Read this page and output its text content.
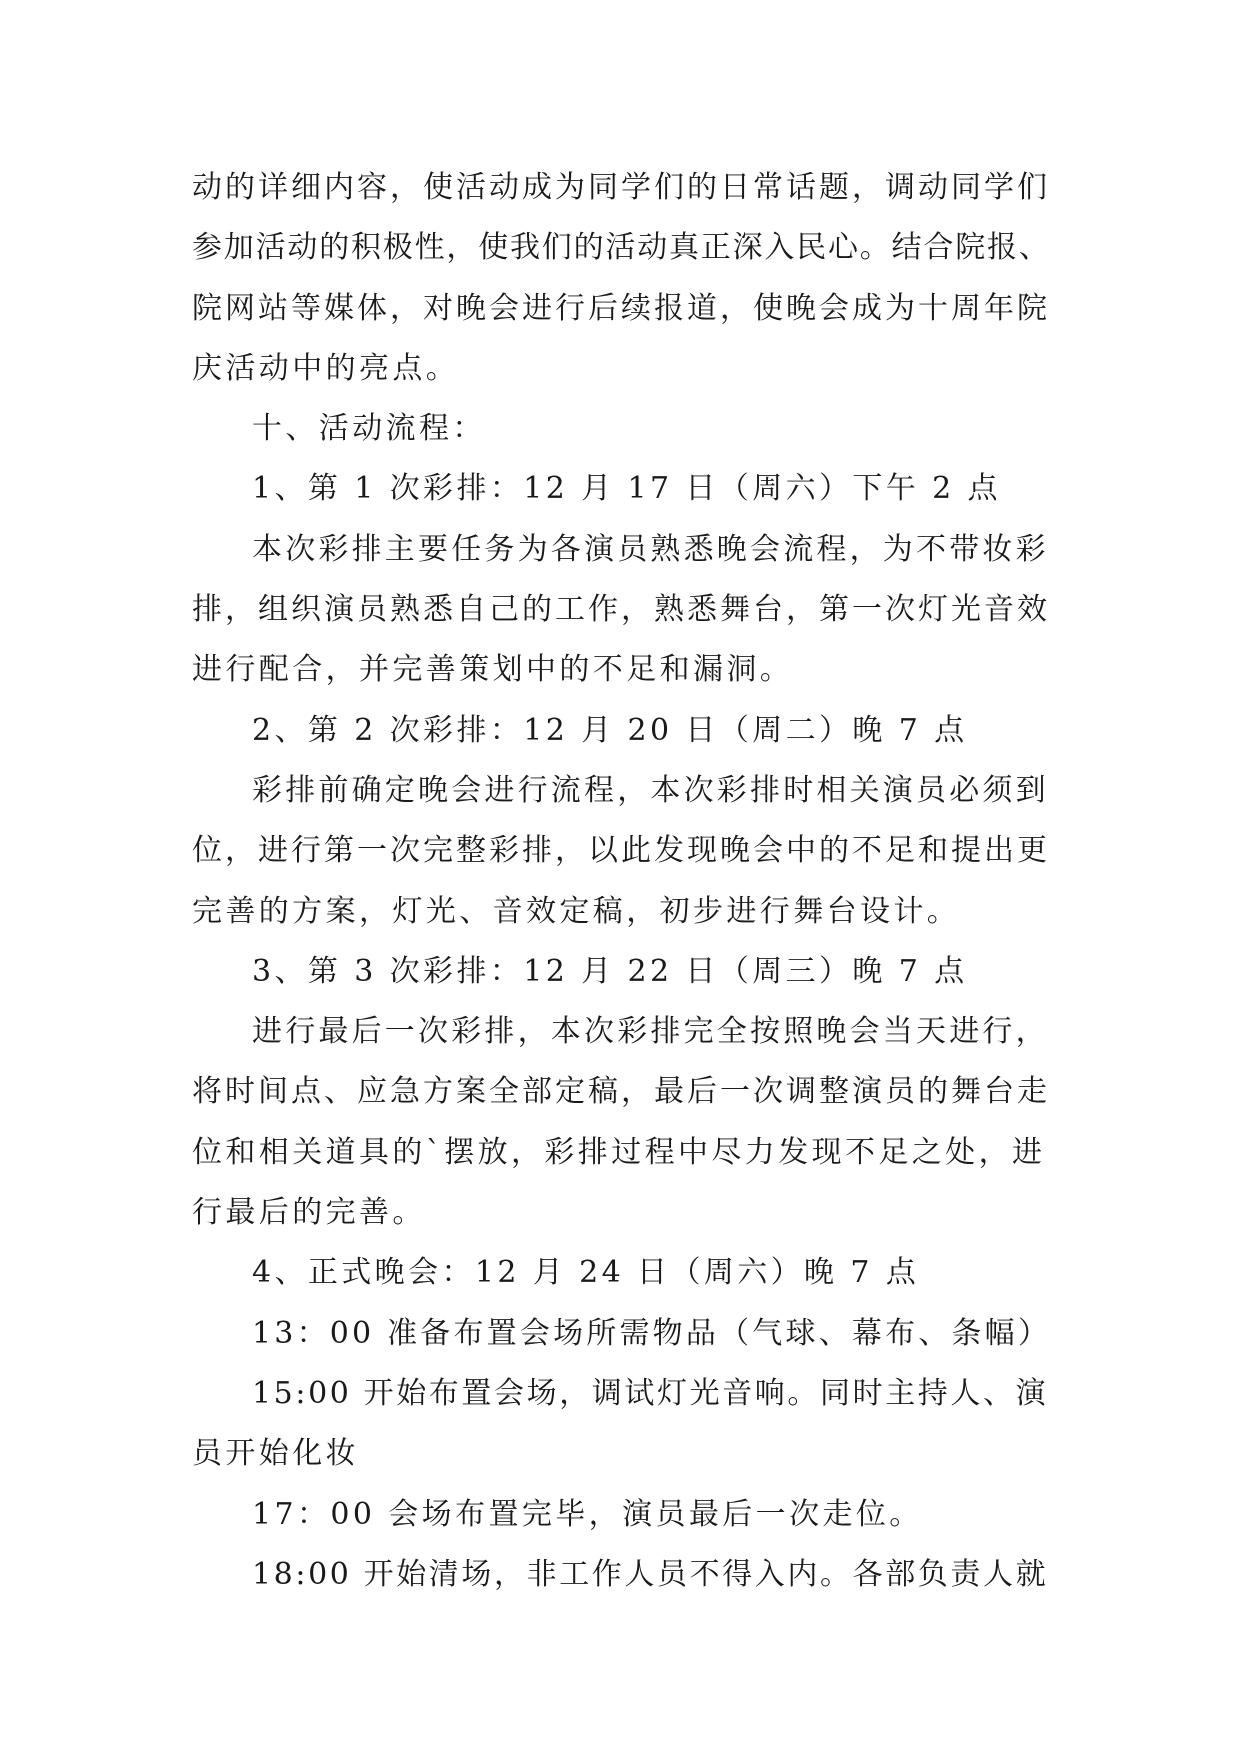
动的详细内容，使活动成为同学们的日常话题，调动同学们
参加活动的积极性，使我们的活动真正深入民心。结合院报、
院网站等媒体，对晚会进行后续报道，使晚会成为十周年院
庆活动中的亮点。
十、活动流程：
1、第 1 次彩排：12 月 17 日（周六）下午 2 点
本次彩排主要任务为各演员熟悉晚会流程，为不带妆彩
排，组织演员熟悉自己的工作，熟悉舞台，第一次灯光音效
进行配合，并完善策划中的不足和漏洞。
2、第 2 次彩排：12 月 20 日（周二）晚 7 点
彩排前确定晚会进行流程，本次彩排时相关演员必须到
位，进行第一次完整彩排，以此发现晚会中的不足和提出更
完善的方案，灯光、音效定稿，初步进行舞台设计。
3、第 3 次彩排：12 月 22 日（周三）晚 7 点
进行最后一次彩排，本次彩排完全按照晚会当天进行，
将时间点、应急方案全部定稿，最后一次调整演员的舞台走
位和相关道具的`摆放，彩排过程中尽力发现不足之处，进
行最后的完善。
4、正式晚会：12 月 24 日（周六）晚 7 点
13：00 准备布置会场所需物品（气球、幕布、条幅）
15:00 开始布置会场，调试灯光音响。同时主持人、演
员开始化妆
17：00 会场布置完毕，演员最后一次走位。
18:00 开始清场，非工作人员不得入内。各部负责人就
